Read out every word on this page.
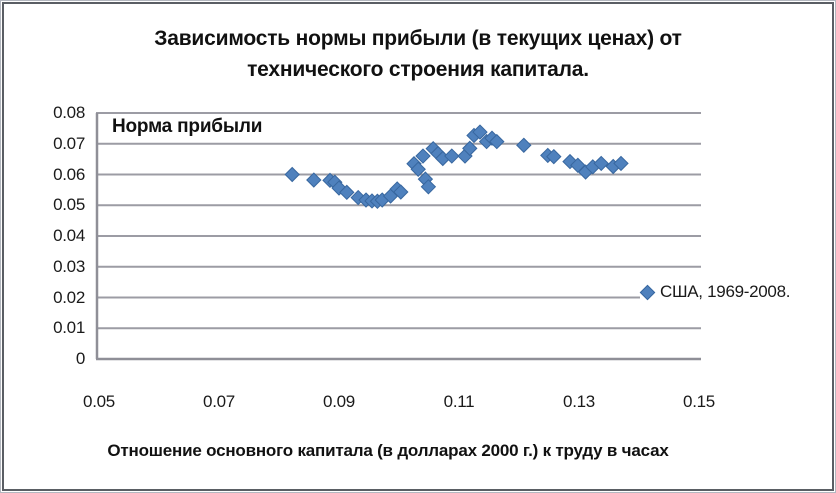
Зависимость нормы прибыли (в текущих ценах) от
технического строения капитала.
Норма прибыли
0
0.01
0.02
0.03
0.04
0.05
0.06
0.07
0.08
0.05	0.07	0.09	0.11	0.13	0.15
Отношение основного капитала (в долларах 2000 г.) к труду в часах
США, 1969-2008.
